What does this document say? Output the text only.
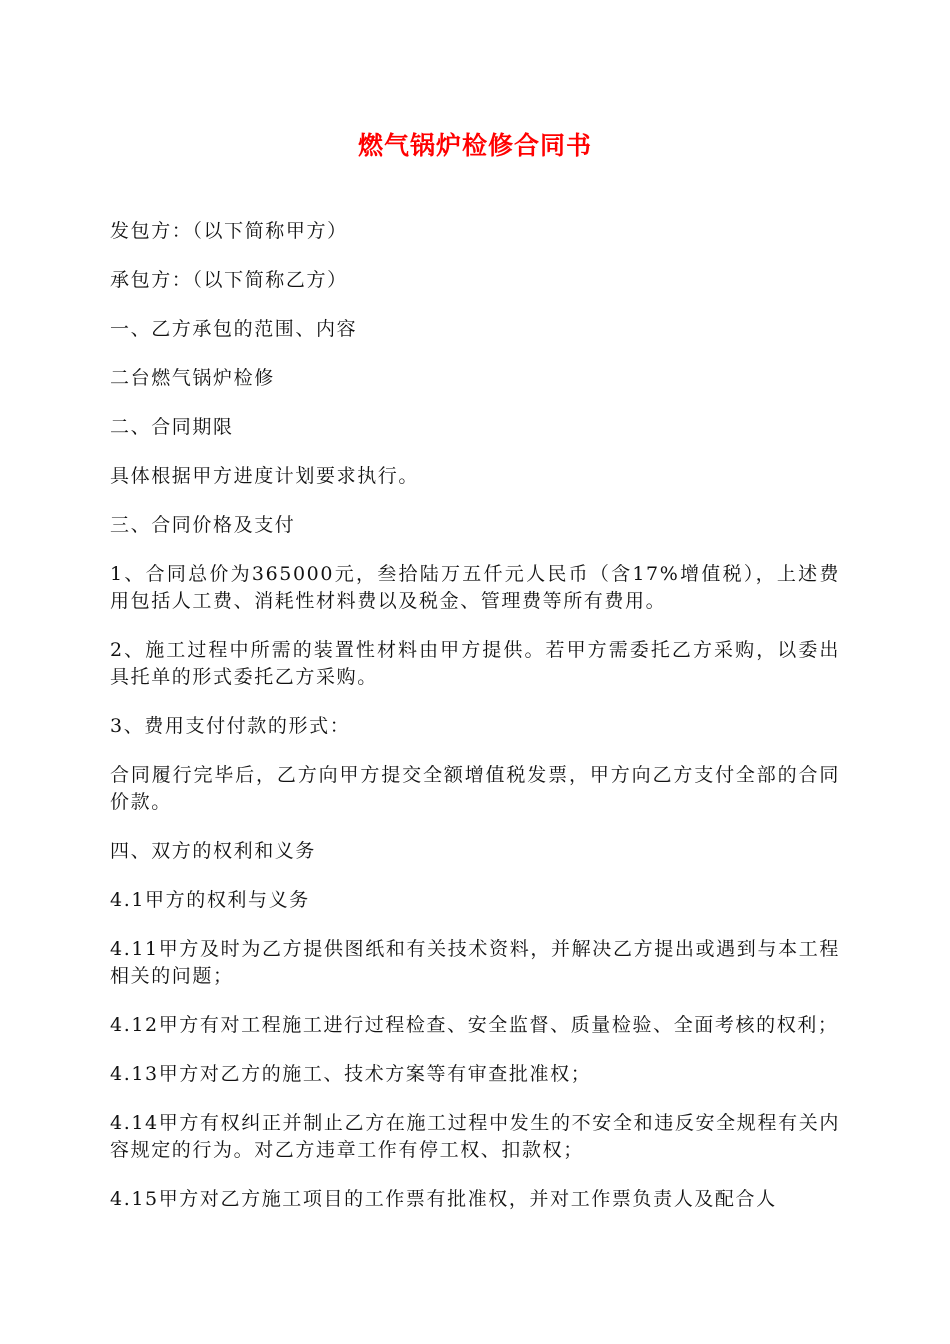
燃气锅炉检修合同书

发包方：（以下简称甲方）

承包方：（以下简称乙方）

一、乙方承包的范围、内容

二台燃气锅炉检修

二、合同期限

具体根据甲方进度计划要求执行。

三、合同价格及支付

1、合同总价为365000元，叁拾陆万五仟元人民币（含17%增值税），上述费用包括人工费、消耗性材料费以及税金、管理费等所有费用。

2、施工过程中所需的装置性材料由甲方提供。若甲方需委托乙方采购，以委出具托单的形式委托乙方采购。

3、费用支付付款的形式：

合同履行完毕后，乙方向甲方提交全额增值税发票，甲方向乙方支付全部的合同价款。

四、双方的权利和义务

4.1甲方的权利与义务

4.11甲方及时为乙方提供图纸和有关技术资料，并解决乙方提出或遇到与本工程相关的问题；

4.12甲方有对工程施工进行过程检查、安全监督、质量检验、全面考核的权利；

4.13甲方对乙方的施工、技术方案等有审查批准权；

4.14甲方有权纠正并制止乙方在施工过程中发生的不安全和违反安全规程有关内容规定的行为。对乙方违章工作有停工权、扣款权；

4.15甲方对乙方施工项目的工作票有批准权，并对工作票负责人及配合人
